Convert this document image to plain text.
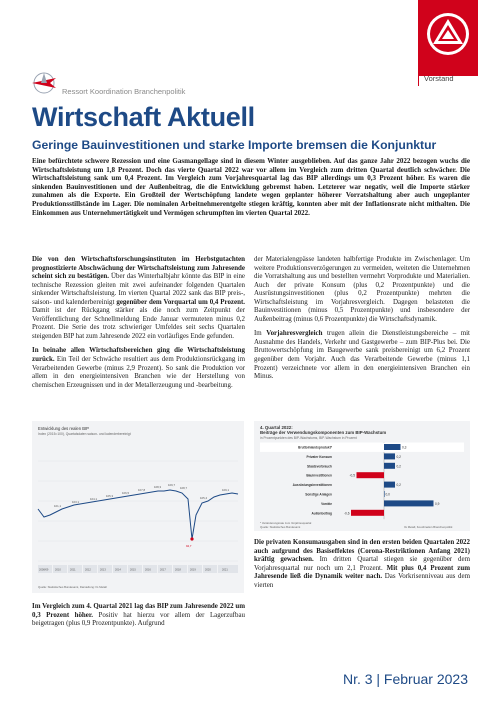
Vorstand
Ressort Koordination Branchenpolitik
Wirtschaft Aktuell
Geringe Bauinvestitionen und starke Importe bremsen die Konjunktur

Eine befürchtete schwere Rezession und eine Gasmangellage sind in diesem Winter ausgeblieben. Auf das ganze Jahr 2022 bezogen wuchs die Wirtschaftsleistung um 1,8 Prozent. Doch das vierte Quartal 2022 war vor allem im Vergleich zum dritten Quartal deutlich schwächer. Die Wirtschaftsleistung sank um 0,4 Prozent. Im Vergleich zum Vorjahresquartal lag das BIP allerdings um 0,3 Prozent höher. Es waren die sinkenden Bauinvestitionen und der Außenbeitrag, die die Entwicklung gebremst haben. Letzterer war negativ, weil die Importe stärker zunahmen als die Exporte. Ein Großteil der Wertschöpfung landete wegen geplanter höherer Vorratshaltung aber auch ungeplanter Produktionsstillstände im Lager. Die nominalen Arbeitnehmerentgelte stiegen kräftig, konnten aber mit der Inflationsrate nicht mithalten. Die Einkommen aus Unternehmertätigkeit und Vermögen schrumpften im vierten Quartal 2022.

Die von den Wirtschaftsforschungsinstituten im Herbstgutachten prognostizierte Abschwächung der Wirtschaftsleistung zum Jahresende scheint sich zu bestätigen. Über das Winterhalbjahr könnte das BIP in eine technische Rezession gleiten mit zwei aufeinander folgenden Quartalen sinkender Wirtschaftsleistung. Im vierten Quartal 2022 sank das BIP preis-, saison- und kalenderbereinigt gegenüber dem Vorquartal um 0,4 Prozent. Damit ist der Rückgang stärker als die noch zum Zeitpunkt der Veröffentlichung der Schnellmeldung Ende Januar vermuteten minus 0,2 Prozent. Die Serie des trotz schwieriger Umfeldes seit sechs Quartalen steigenden BIP hat zum Jahresende 2022 ein vorläufiges Ende gefunden.

In beinahe allen Wirtschaftsbereichen ging die Wirtschaftsleistung zurück. Ein Teil der Schwäche resultiert aus dem Produktionsrückgang im Verarbeitenden Gewerbe (minus 2,9 Prozent). So sank die Produktion vor allem in den energieintensiven Branchen wie der Herstellung von chemischen Erzeugnissen und in der Metallerzeugung und -bearbeitung.

Entwicklung des realen BIP
Index (2015=100), Quartalsdaten saison- und kalenderbereinigt
101,1
103,1
104,1
105,3
106,5
107,8
108,3	109,7
108,7
94,7
105,4
109,1
2008/09	2010	2011	2012	2013	2014	2015	2016	2017	2018	2019	2020	2021
Quelle: Statistisches Bundesamt, Darstellung: IG Metall

Im Vergleich zum 4. Quartal 2021 lag das BIP zum Jahresende 2022 um 0,3 Prozent höher. Positiv hat hierzu vor allem der Lagerzufbau beigetragen (plus 0,9 Prozentpunkte). Aufgrund

der Materialengpässe landeten halbfertige Produkte im Zwischenlager. Um weitere Produktionsverzögerungen zu vermeiden, weiteten die Unternehmen die Vorratshaltung aus und bestellten vermehrt Vorprodukte und Materialien. Auch der private Konsum (plus 0,2 Prozentpunkte) und die Ausrüstungsinvestitionen (plus 0,2 Prozentpunkte) mehrten die Wirtschaftsleistung im Vorjahresvergleich. Dagegen belasteten die Bauinvestitionen (minus 0,5 Prozentpunkte) und insbesondere der Außenbeitrag (minus 0,6 Prozentpunkte) die Wirtschaftsdynamik.

Im Vorjahresvergleich trugen allein die Dienstleistungsbereiche – mit Ausnahme des Handels, Verkehr und Gastgewerbe – zum BIP-Plus bei. Die Bruttowertschöpfung im Baugewerbe sank preisbereinigt um 6,2 Prozent gegenüber dem Vorjahr. Auch das Verarbeitende Gewerbe (minus 1,1 Prozent) verzeichnete vor allem in den energieintensiven Branchen ein Minus.

4. Quartal 2022:
Beiträge der Verwendungskomponenten zum BIP-Wachstum
in Prozentpunkten des BIP-Wachstums, BIP-Wachstum in Prozent
Bruttoinlandsprodukt*	0,3
Privater Konsum	0,2
Staatsverbrauch	0,2
Bauinvestitionen	-0,5
Ausrüstungsinvestitionen	0,2
Sonstige Anlagen	0,0
Vorräte	0,9
Außenbeitrag	-0,6
* Veränderungsrate zum Vorjahresquartal
Quelle: Statistisches Bundesamt	IG Metall, Koordination Branchenpolitik

Die privaten Konsumausgaben sind in den ersten beiden Quartalen 2022 auch aufgrund des Basiseffektes (Corona-Restriktionen Anfang 2021) kräftig gewachsen. Im dritten Quartal stiegen sie gegenüber dem Vorjahresquartal nur noch um 2,1 Prozent. Mit plus 0,4 Prozent zum Jahresende ließ die Dynamik weiter nach. Das Vorkrisenniveau aus dem vierten

Nr. 3 | Februar 2023
